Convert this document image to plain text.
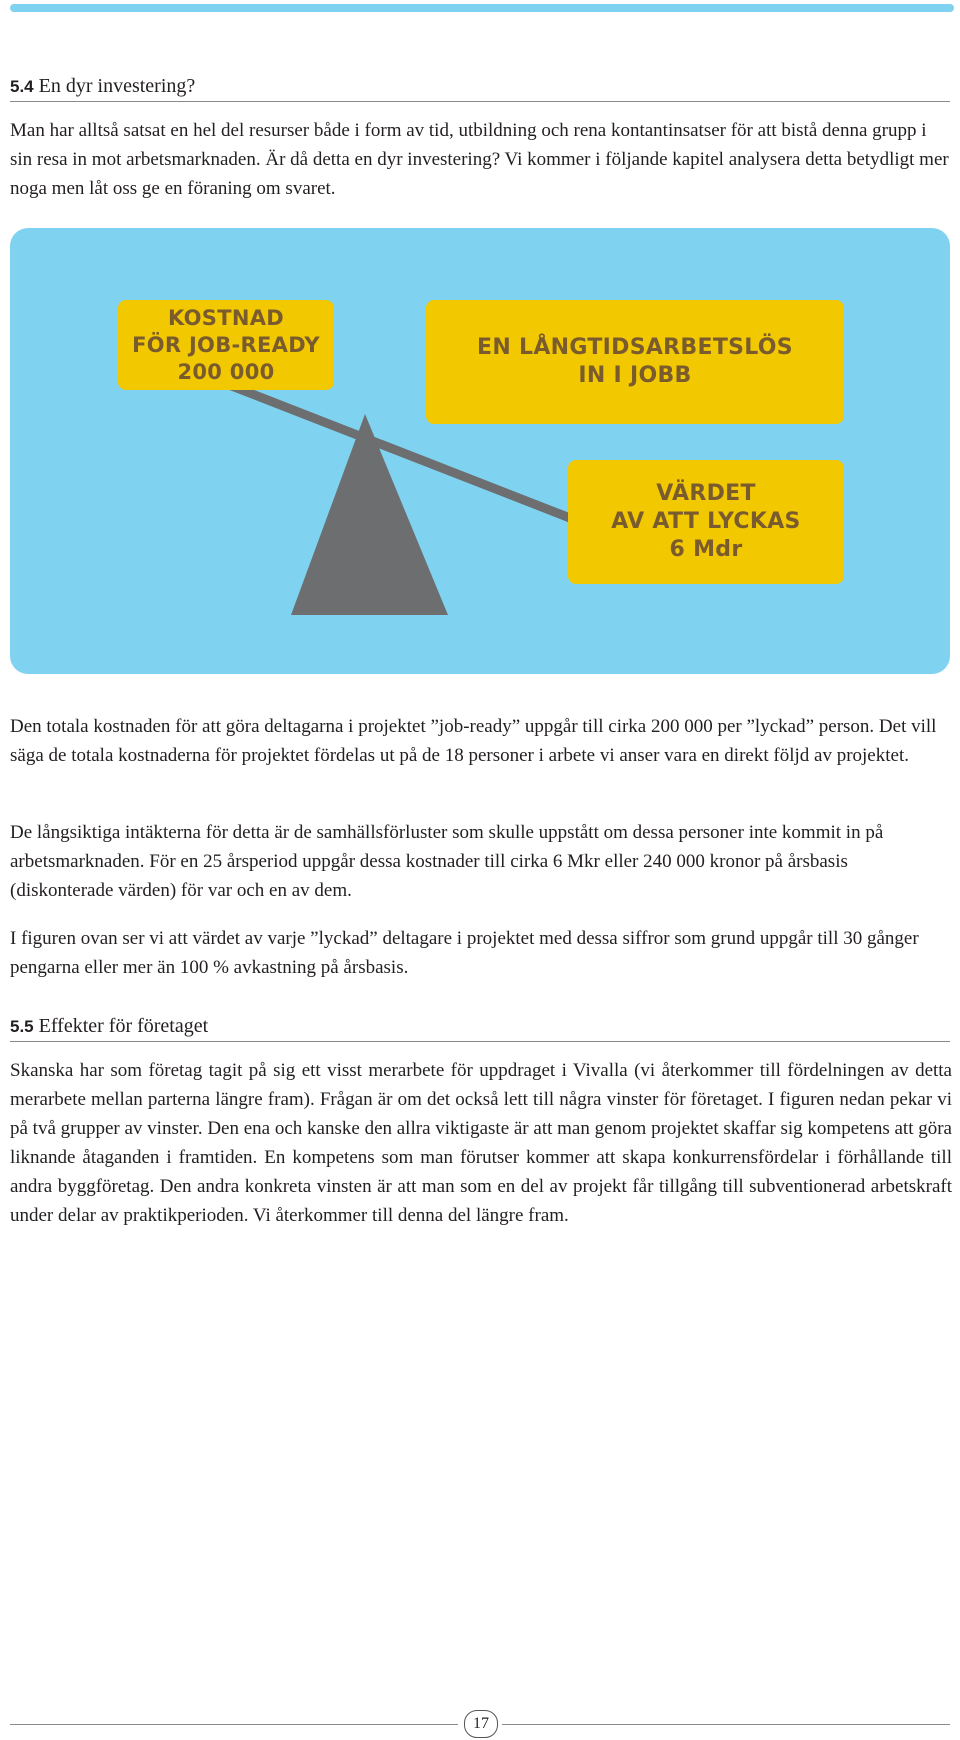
5.4 En dyr investering?

Man har alltså satsat en hel del resurser både i form av tid, utbildning och rena kontantinsatser för att bistå denna grupp i sin resa in mot arbetsmarknaden. Är då detta en dyr investering? Vi kommer i följande kapitel analysera detta betydligt mer noga men låt oss ge en föraning om svaret.

KOSTNAD
FÖR JOB-READY
200 000
EN LÅNGTIDSARBETSLÖS
IN I JOBB
VÄRDET
AV ATT LYCKAS
6 Mdr

Den totala kostnaden för att göra deltagarna i projektet ”job-ready” uppgår till cirka 200 000 per ”lyckad” person. Det vill säga de totala kostnaderna för projektet fördelas ut på de 18 personer i arbete vi anser vara en direkt följd av projektet.

De långsiktiga intäkterna för detta är de samhällsförluster som skulle uppstått om dessa personer inte kommit in på arbetsmarknaden. För en 25 årsperiod uppgår dessa kostnader till cirka 6 Mkr eller 240 000 kronor på årsbasis (diskonterade värden) för var och en av dem.

I figuren ovan ser vi att värdet av varje ”lyckad” deltagare i projektet med dessa siffror som grund uppgår till 30 gånger pengarna eller mer än 100 % avkastning på årsbasis.

5.5 Effekter för företaget

Skanska har som företag tagit på sig ett visst merarbete för uppdraget i Vivalla (vi återkommer till fördelningen av detta merarbete mellan parterna längre fram). Frågan är om det också lett till några vinster för företaget. I figuren nedan pekar vi på två grupper av vinster. Den ena och kanske den allra viktigaste är att man genom projektet skaffar sig kompetens att göra liknande åtaganden i framtiden. En kompetens som man förutser kommer att skapa konkurrensfördelar i förhållande till andra byggföretag. Den andra konkreta vinsten är att man som en del av projekt får tillgång till subventionerad arbetskraft under delar av praktikperioden. Vi återkommer till denna del längre fram.

17
